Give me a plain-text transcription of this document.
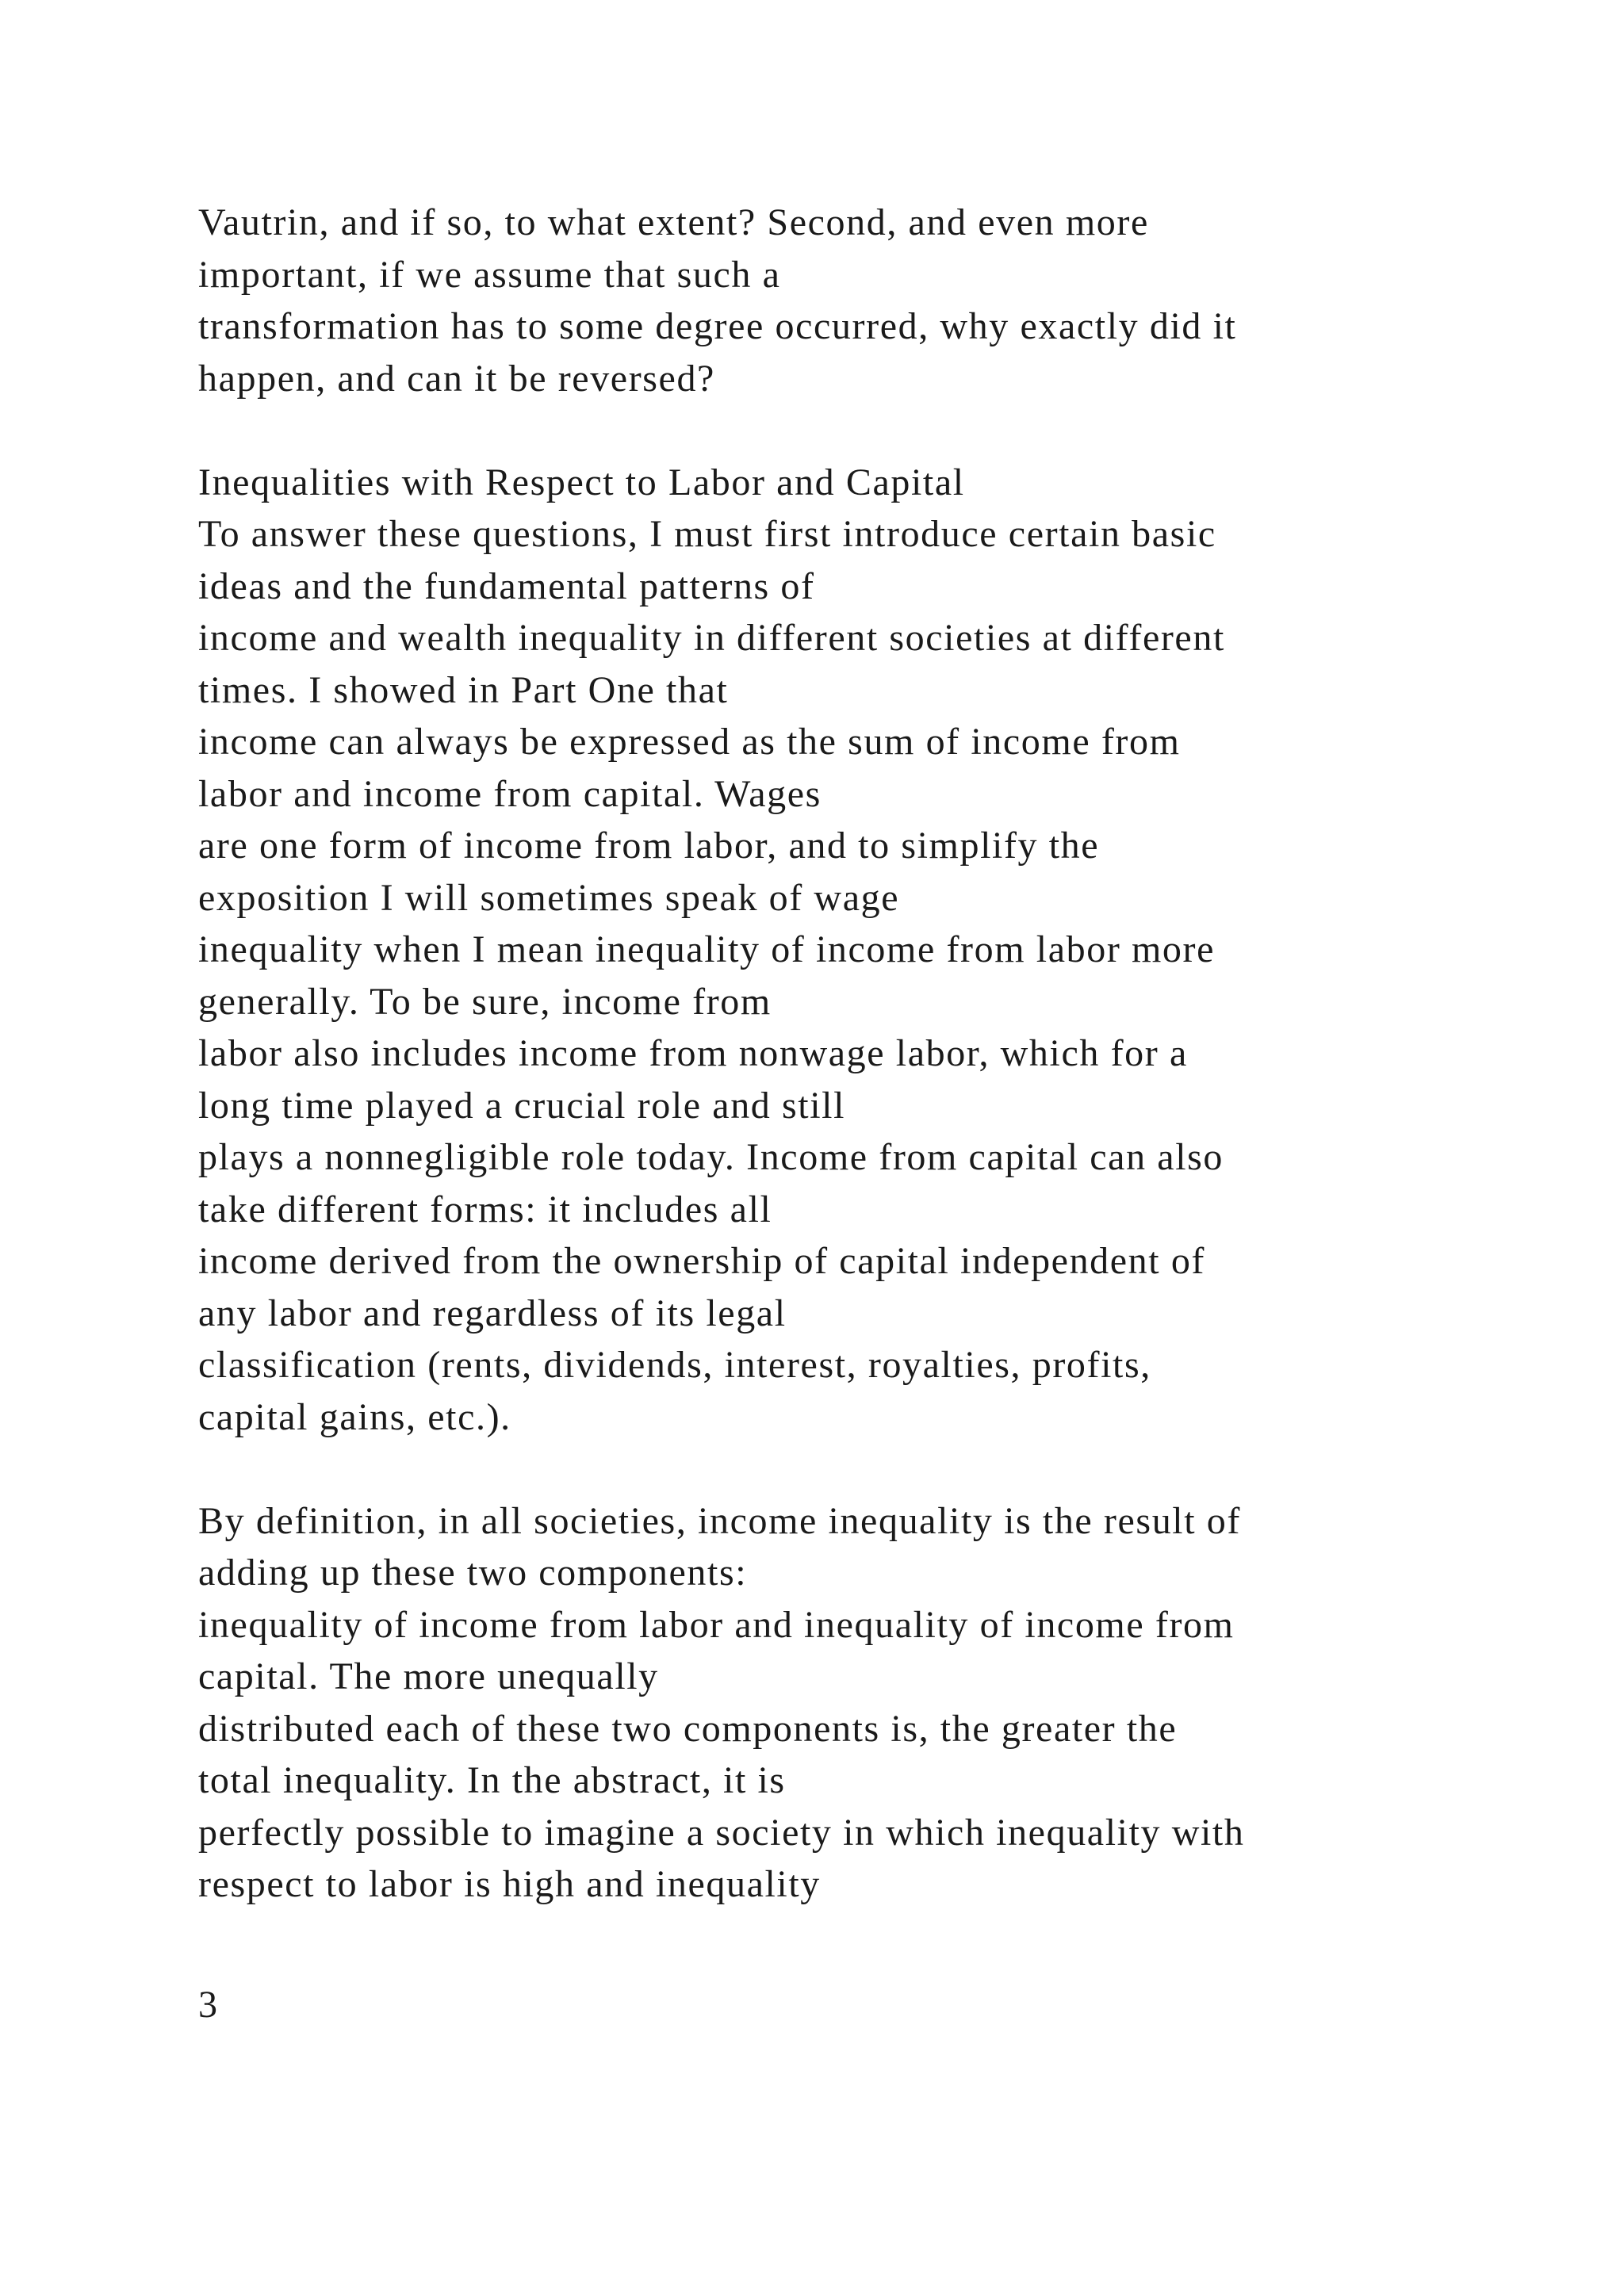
Vautrin, and if so, to what extent? Second, and even more
important, if we assume that such a
transformation has to some degree occurred, why exactly did it
happen, and can it be reversed?
Inequalities with Respect to Labor and Capital
To answer these questions, I must first introduce certain basic
ideas and the fundamental patterns of
income and wealth inequality in different societies at different
times. I showed in Part One that
income can always be expressed as the sum of income from
labor and income from capital. Wages
are one form of income from labor, and to simplify the
exposition I will sometimes speak of wage
inequality when I mean inequality of income from labor more
generally. To be sure, income from
labor also includes income from nonwage labor, which for a
long time played a crucial role and still
plays a nonnegligible role today. Income from capital can also
take different forms: it includes all
income derived from the ownership of capital independent of
any labor and regardless of its legal
classification (rents, dividends, interest, royalties, profits,
capital gains, etc.).
By definition, in all societies, income inequality is the result of
adding up these two components:
inequality of income from labor and inequality of income from
capital. The more unequally
distributed each of these two components is, the greater the
total inequality. In the abstract, it is
perfectly possible to imagine a society in which inequality with
respect to labor is high and inequality
3
